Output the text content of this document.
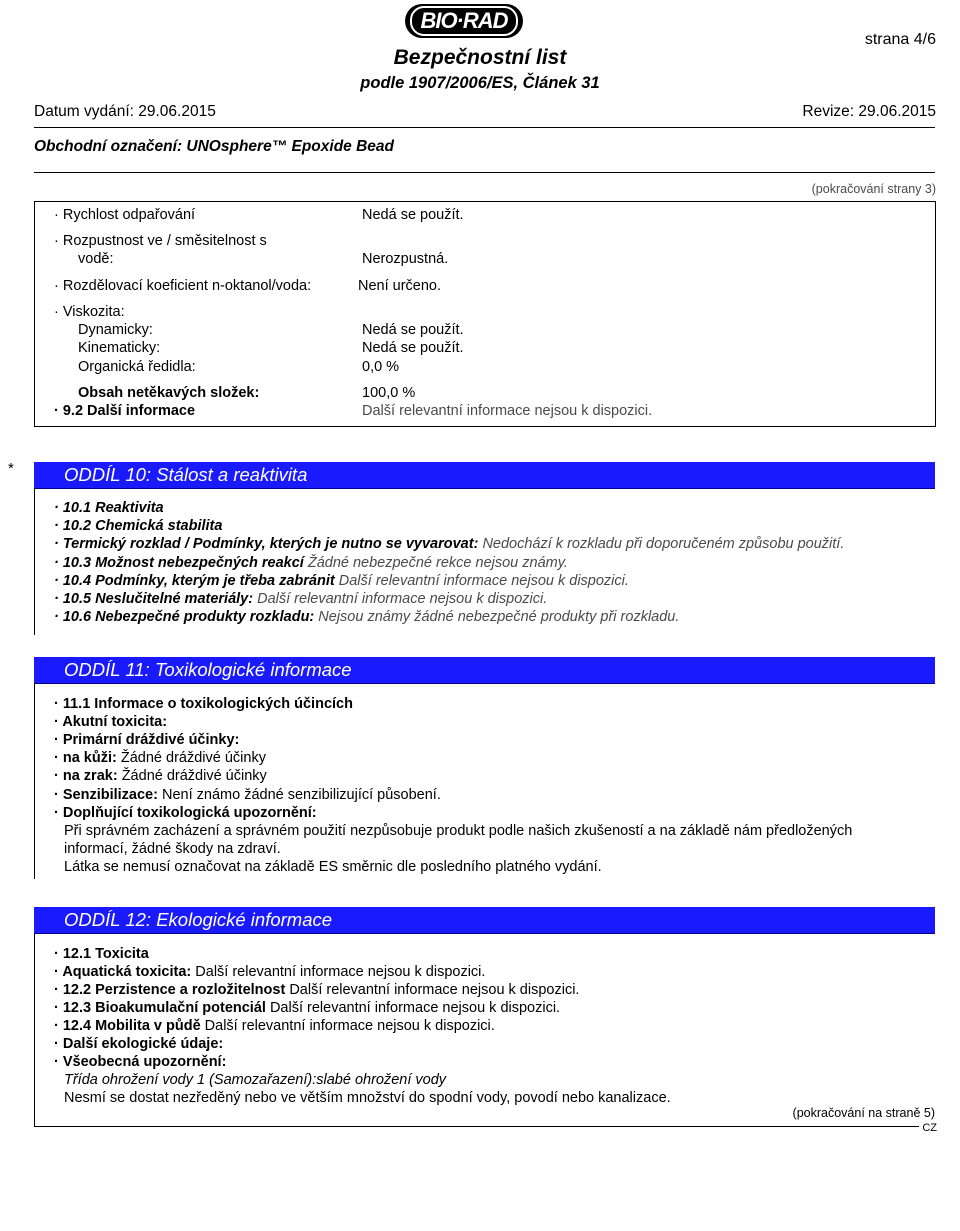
BIO·RAD
strana 4/6
Bezpečnostní list
podle 1907/2006/ES, Článek 31
Datum vydání: 29.06.2015	Revize: 29.06.2015
Obchodní označení: UNOsphere™ Epoxide Bead
(pokračování strany 3)
· Rychlost odpařování	Nedá se použít.
· Rozpustnost ve / směsitelnost s
vodě:	Nerozpustná.
· Rozdělovací koeficient n-oktanol/voda:	Není určeno.
· Viskozita:
Dynamicky:	Nedá se použít.
Kinematicky:	Nedá se použít.
Organická ředidla:	0,0 %
Obsah netěkavých složek:	100,0 %
· 9.2 Další informace	Další relevantní informace nejsou k dispozici.
*	ODDÍL 10: Stálost a reaktivita
· 10.1 Reaktivita
· 10.2 Chemická stabilita
· Termický rozklad / Podmínky, kterých je nutno se vyvarovat: Nedochází k rozkladu při doporučeném způsobu použití.
· 10.3 Možnost nebezpečných reakcí Žádné nebezpečné rekce nejsou známy.
· 10.4 Podmínky, kterým je třeba zabránit Další relevantní informace nejsou k dispozici.
· 10.5 Neslučitelné materiály: Další relevantní informace nejsou k dispozici.
· 10.6 Nebezpečné produkty rozkladu: Nejsou známy žádné nebezpečné produkty při rozkladu.
ODDÍL 11: Toxikologické informace
· 11.1 Informace o toxikologických účincích
· Akutní toxicita:
· Primární dráždivé účinky:
· na kůži: Žádné dráždivé účinky
· na zrak: Žádné dráždivé účinky
· Senzibilizace: Není známo žádné senzibilizující působení.
· Doplňující toxikologická upozornění:
Při správném zacházení a správném použití nezpůsobuje produkt podle našich zkušeností a na základě nám předložených
informací, žádné škody na zdraví.
Látka se nemusí označovat na základě ES směrnic dle posledního platného vydání.
ODDÍL 12: Ekologické informace
· 12.1 Toxicita
· Aquatická toxicita: Další relevantní informace nejsou k dispozici.
· 12.2 Perzistence a rozložitelnost Další relevantní informace nejsou k dispozici.
· 12.3 Bioakumulační potenciál Další relevantní informace nejsou k dispozici.
· 12.4 Mobilita v půdě Další relevantní informace nejsou k dispozici.
· Další ekologické údaje:
· Všeobecná upozornění:
Třída ohrožení vody 1 (Samozařazení):slabé ohrožení vody
Nesmí se dostat nezředěný nebo ve větším množství do spodní vody, povodí nebo kanalizace.
(pokračování na straně 5)
CZ
